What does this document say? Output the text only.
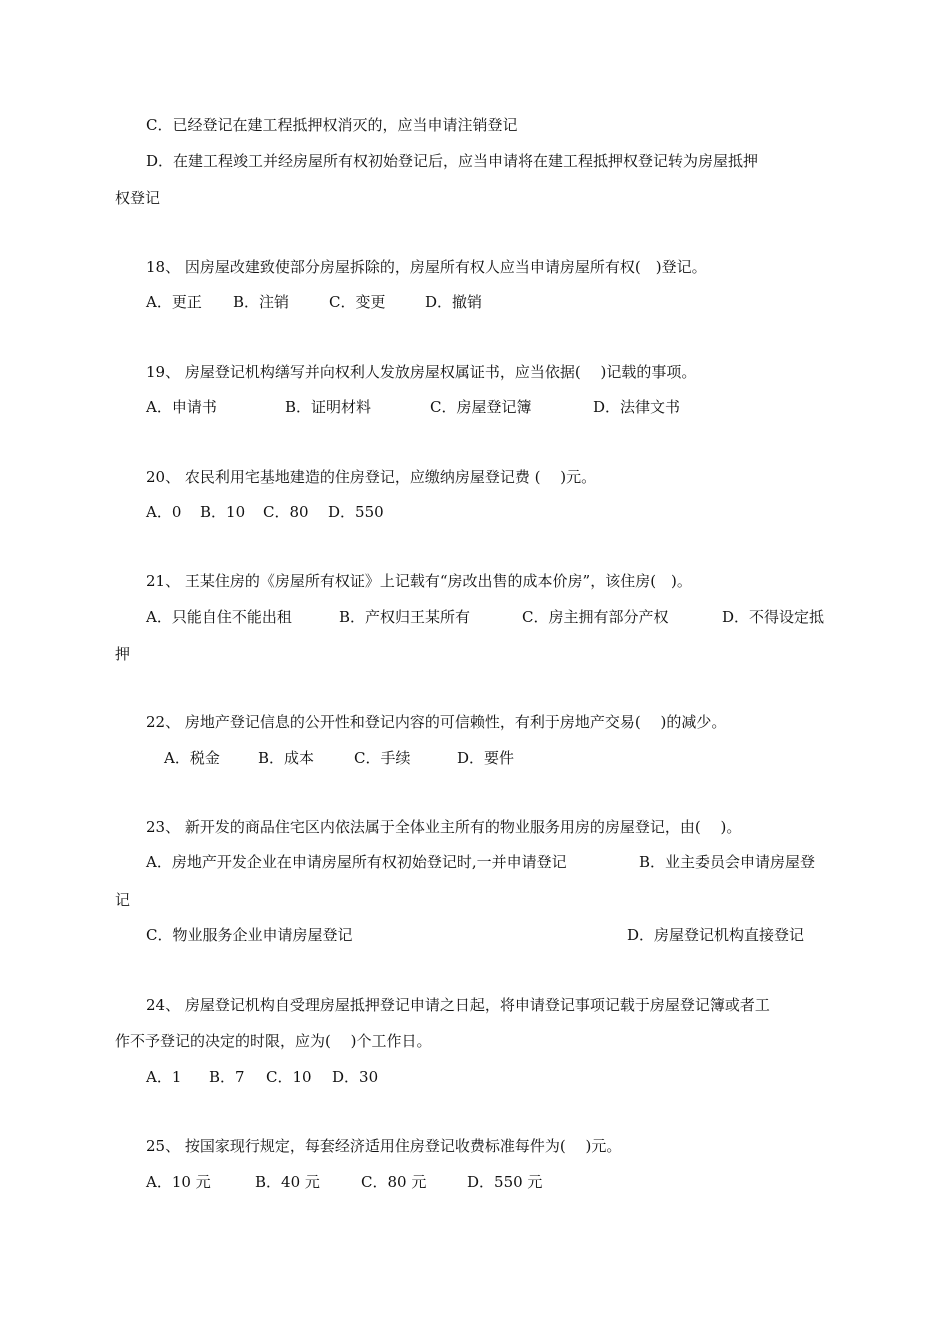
C．已经登记在建工程抵押权消灭的，应当申请注销登记
D．在建工程竣工并经房屋所有权初始登记后，应当申请将在建工程抵押权登记转为房屋抵押
权登记
18、 因房屋改建致使部分房屋拆除的，房屋所有权人应当申请房屋所有权(　)登记。
A．更正 B．注销	C．变更	D．撤销
19、 房屋登记机构缮写并向权利人发放房屋权属证书，应当依据(　 )记载的事项。
A．申请书	B．证明材料	C．房屋登记簿	D．法律文书
20、 农民利用宅基地建造的住房登记，应缴纳房屋登记费 (　 )元。
A．0 B．10 C．80 D．550
21、 王某住房的《房屋所有权证》上记载有“房改出售的成本价房”，该住房(　)。
A．只能自住不能出租	B．产权归王某所有	C．房主拥有部分产权	D．不得设定抵
押
22、 房地产登记信息的公开性和登记内容的可信赖性，有利于房地产交易(　 )的减少。
A．税金	B．成本	C．手续	D．要件
23、 新开发的商品住宅区内依法属于全体业主所有的物业服务用房的房屋登记，由(　 )。
A．房地产开发企业在申请房屋所有权初始登记时,一并申请登记	B．业主委员会申请房屋登
记
C．物业服务企业申请房屋登记	D．房屋登记机构直接登记
24、 房屋登记机构自受理房屋抵押登记申请之日起，将申请登记事项记载于房屋登记簿或者工
作不予登记的决定的时限，应为(　 )个工作日。
A．1 B．7 C．10 D．30
25、 按国家现行规定，每套经济适用住房登记收费标准每件为(　 )元。
A．10 元	B．40 元	C．80 元	D．550 元
